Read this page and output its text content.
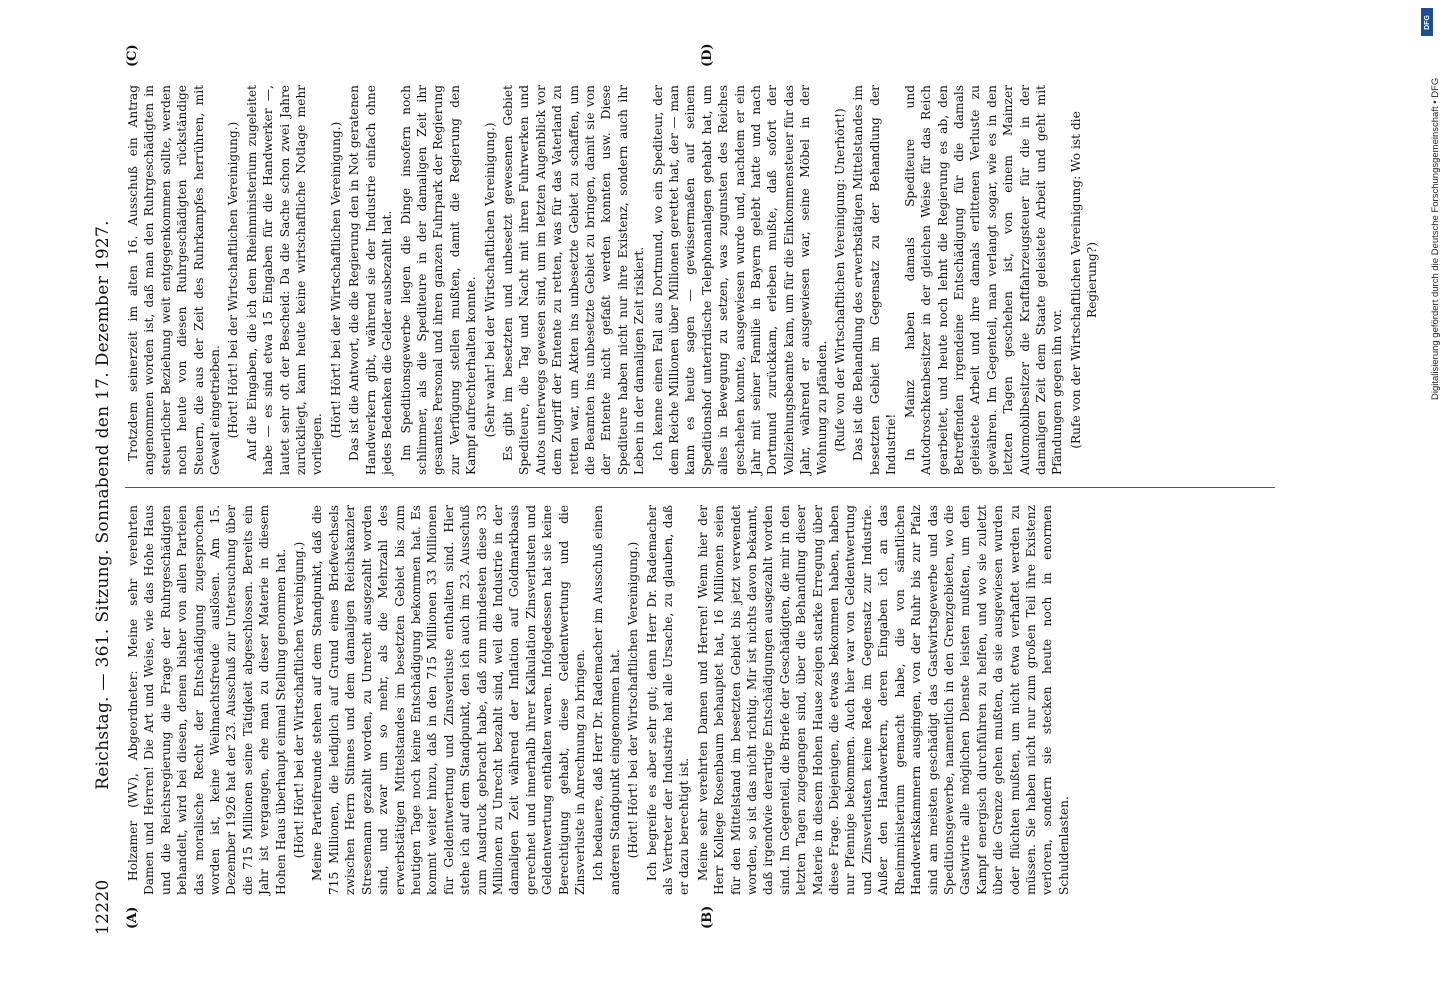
12220
Reichstag. — 361. Sitzung. Sonnabend den 17. Dezember 1927.
(A)	(B)
(C)	(D)

Holzamer (WV), Abgeordneter: Meine sehr verehrten Damen und Herren! Die Art und Weise, wie das Hohe Haus und die Reichsregierung die Frage der Ruhrgeschädigten behandelt, wird bei diesen, denen bisher von allen Parteien das moralische Recht der Entschädigung zugesprochen worden ist, keine Weihnachtsfreude auslösen. Am 15. Dezember 1926 hat der 23. Ausschuß zur Untersuchung über die 715 Millionen seine Tätigkeit abgeschlossen. Bereits ein Jahr ist vergangen, ehe man zu dieser Materie in diesem Hohen Haus überhaupt einmal Stellung genommen hat. (Hört! Hört! bei der Wirtschaftlichen Vereinigung.) Meine Parteifreunde stehen auf dem Standpunkt, daß die 715 Millionen, die lediglich auf Grund eines Briefwechsels zwischen Herrn Stinnes und dem damaligen Reichskanzler Stresemann gezahlt worden, zu Unrecht ausgezahlt worden sind, und zwar um so mehr, als die Mehrzahl des erwerbstätigen Mittelstandes im besetzten Gebiet bis zum heutigen Tage noch keine Entschädigung bekommen hat. Es kommt weiter hinzu, daß in den 715 Millionen 33 Millionen für Geldentwertung und Zinsverluste enthalten sind. Hier stehe ich auf dem Standpunkt, den ich auch im 23. Ausschuß zum Ausdruck gebracht habe, daß zum mindesten diese 33 Millionen zu Unrecht bezahlt sind, weil die Industrie in der damaligen Zeit während der Inflation auf Goldmarkbasis gerechnet und innerhalb ihrer Kalkulation Zinsverlusten und Geldentwertung enthalten waren. Infolgedessen hat sie keine Berechtigung gehabt, diese Geldentwertung und die Zinsverluste in Anrechnung zu bringen. Ich bedauere, daß Herr Dr. Rademacher im Ausschuß einen anderen Standpunkt eingenommen hat. (Hört! Hört! bei der Wirtschaftlichen Vereinigung.) Ich begreife es aber sehr gut; denn Herr Dr. Rademacher als Vertreter der Industrie hat alle Ursache, zu glauben, daß er dazu berechtigt ist. Meine sehr verehrten Damen und Herren! Wenn hier der Herr Kollege Rosenbaum behauptet hat, 16 Millionen seien für den Mittelstand im besetzten Gebiet bis jetzt verwendet worden, so ist das nicht richtig. Mir ist nichts davon bekannt, daß irgendwie derartige Entschädigungen ausgezahlt worden sind. Im Gegenteil, die Briefe der Geschädigten, die mir in den letzten Tagen zugegangen sind, über die Behandlung dieser Materie in diesem Hohen Hause zeigen starke Erregung über diese Frage. Diejenigen, die etwas bekommen haben, haben nur Pfennige bekommen. Auch hier war von Geldentwertung und Zinsverlusten keine Rede im Gegensatz zur Industrie. Außer den Handwerkern, deren Eingaben ich an das Rheinministerium gemacht habe, die von sämtlichen Handwerkskammern ausgingen, von der Ruhr bis zur Pfalz sind am meisten geschädigt das Gastwirtsgewerbe und das Speditionsgewerbe, namentlich in den Grenzgebieten, wo die Gastwirte alle möglichen Dienste leisten mußten, um den Kampf energisch durchführen zu helfen, und wo sie zuletzt über die Grenze gehen mußten, da sie ausgewiesen wurden oder flüchten mußten, um nicht etwa verhaftet werden zu müssen. Sie haben nicht nur zum großen Teil ihre Existenz verloren, sondern sie stecken heute noch in enormen Schuldenlasten.

Trotzdem seinerzeit im alten 16. Ausschuß ein Antrag angenommen worden ist, daß man den Ruhrgeschädigten in steuerlicher Beziehung weit entgegenkommen sollte, werden noch heute von diesen Ruhrgeschädigten rückständige Steuern, die aus der Zeit des Ruhrkampfes herrühren, mit Gewalt eingetrieben. (Hört! Hört! bei der Wirtschaftlichen Vereinigung.) Auf die Eingaben, die ich dem Rheinministerium zugeleitet habe — es sind etwa 15 Eingaben für die Handwerker —, lautet sehr oft der Bescheid: Da die Sache schon zwei Jahre zurückliegt, kann heute keine wirtschaftliche Notlage mehr vorliegen.

(Hört! Hört! bei der Wirtschaftlichen Vereinigung.) Das ist die Antwort, die die Regierung den in Not geratenen Handwerkern gibt, während sie der Industrie einfach ohne jedes Bedenken die Gelder ausbezahlt hat. Im Speditionsgewerbe liegen die Dinge insofern noch schlimmer, als die Spediteure in der damaligen Zeit ihr gesamtes Personal und ihren ganzen Fuhrpark der Regierung zur Verfügung stellen mußten, damit die Regierung den Kampf aufrechterhalten konnte. (Sehr wahr! bei der Wirtschaftlichen Vereinigung.) Es gibt im besetzten und unbesetzt gewesenen Gebiet Spediteure, die Tag und Nacht mit ihren Fuhrwerken und Autos unterwegs gewesen sind, um im letzten Augenblick vor dem Zugriff der Entente zu retten, was für das Vaterland zu retten war, um Akten ins unbesetzte Gebiet zu schaffen, um die Beamten ins unbesetzte Gebiet zu bringen, damit sie von der Entente nicht gefaßt werden konnten usw. Diese Spediteure haben nicht nur ihre Existenz, sondern auch ihr Leben in der damaligen Zeit riskiert. Ich kenne einen Fall aus Dortmund, wo ein Spediteur, der dem Reiche Millionen über Millionen gerettet hat, der — man kann es heute sagen — gewissermaßen auf seinem Speditionshof unterirdische Telephonanlagen gehabt hat, um alles in Bewegung zu setzen, was zugunsten des Reiches geschehen konnte, ausgewiesen wurde und, nachdem er ein Jahr mit seiner Familie in Bayern gelebt hatte und nach Dortmund zurückkam, erleben mußte, daß sofort der Vollziehungsbeamte kam, um für die Einkommensteuer für das Jahr, während er ausgewiesen war, seine Möbel in der Wohnung zu pfänden. (Rufe von der Wirtschaftlichen Vereinigung: Unerhört!) Das ist die Behandlung des erwerbstätigen Mittelstandes im besetzten Gebiet im Gegensatz zu der Behandlung der Industrie! In Mainz haben damals Spediteure und Autodroschkenbesitzer in der gleichen Weise für das Reich gearbeitet, und heute noch lehnt die Regierung es ab, den Betreffenden irgendeine Entschädigung für die damals geleistete Arbeit und ihre damals erlittenen Verluste zu gewähren. Im Gegenteil, man verlangt sogar, wie es in den letzten Tagen geschehen ist, von einem Mainzer Automobilbesitzer die Kraftfahrzeugsteuer für die in der damaligen Zeit dem Staate geleistete Arbeit und geht mit Pfändungen gegen ihn vor. (Rufe von der Wirtschaftlichen Vereinigung: Wo ist die Regierung?)	Digitalisierung gefördert durch die Deutsche Forschungsgemeinschaft • DFG
DFG
